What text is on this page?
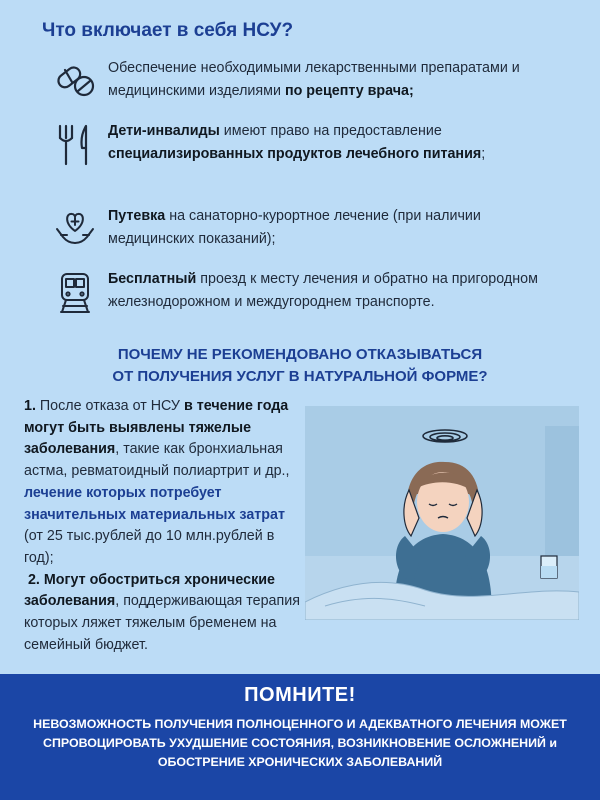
Что включает в себя НСУ?
Обеспечение необходимыми лекарственными препаратами и медицинскими изделиями по рецепту врача;
Дети-инвалиды имеют право на предоставление специализированных продуктов лечебного питания;
Путевка на санаторно-курортное лечение (при наличии медицинских показаний);
Бесплатный проезд к месту лечения и обратно на пригородном железнодорожном и междугороднем транспорте.
ПОЧЕМУ НЕ РЕКОМЕНДОВАНО ОТКАЗЫВАТЬСЯ
ОТ ПОЛУЧЕНИЯ УСЛУГ В НАТУРАЛЬНОЙ ФОРМЕ?
1. После отказа от НСУ в течение года могут быть выявлены тяжелые заболевания, такие как бронхиальная астма, ревматоидный полиартрит и др., лечение которых потребует значительных материальных затрат (от 25 тыс.рублей до 10 млн.рублей в год);
2. Могут обостриться хронические заболевания, поддерживающая терапия которых ляжет тяжелым бременем на семейный бюджет.
ПОМНИТЕ!
НЕВОЗМОЖНОСТЬ ПОЛУЧЕНИЯ ПОЛНОЦЕННОГО И АДЕКВАТНОГО ЛЕЧЕНИЯ МОЖЕТ СПРОВОЦИРОВАТЬ УХУДШЕНИЕ СОСТОЯНИЯ, ВОЗНИКНОВЕНИЕ ОСЛОЖНЕНИЙ и ОБОСТРЕНИЕ ХРОНИЧЕСКИХ ЗАБОЛЕВАНИЙ
